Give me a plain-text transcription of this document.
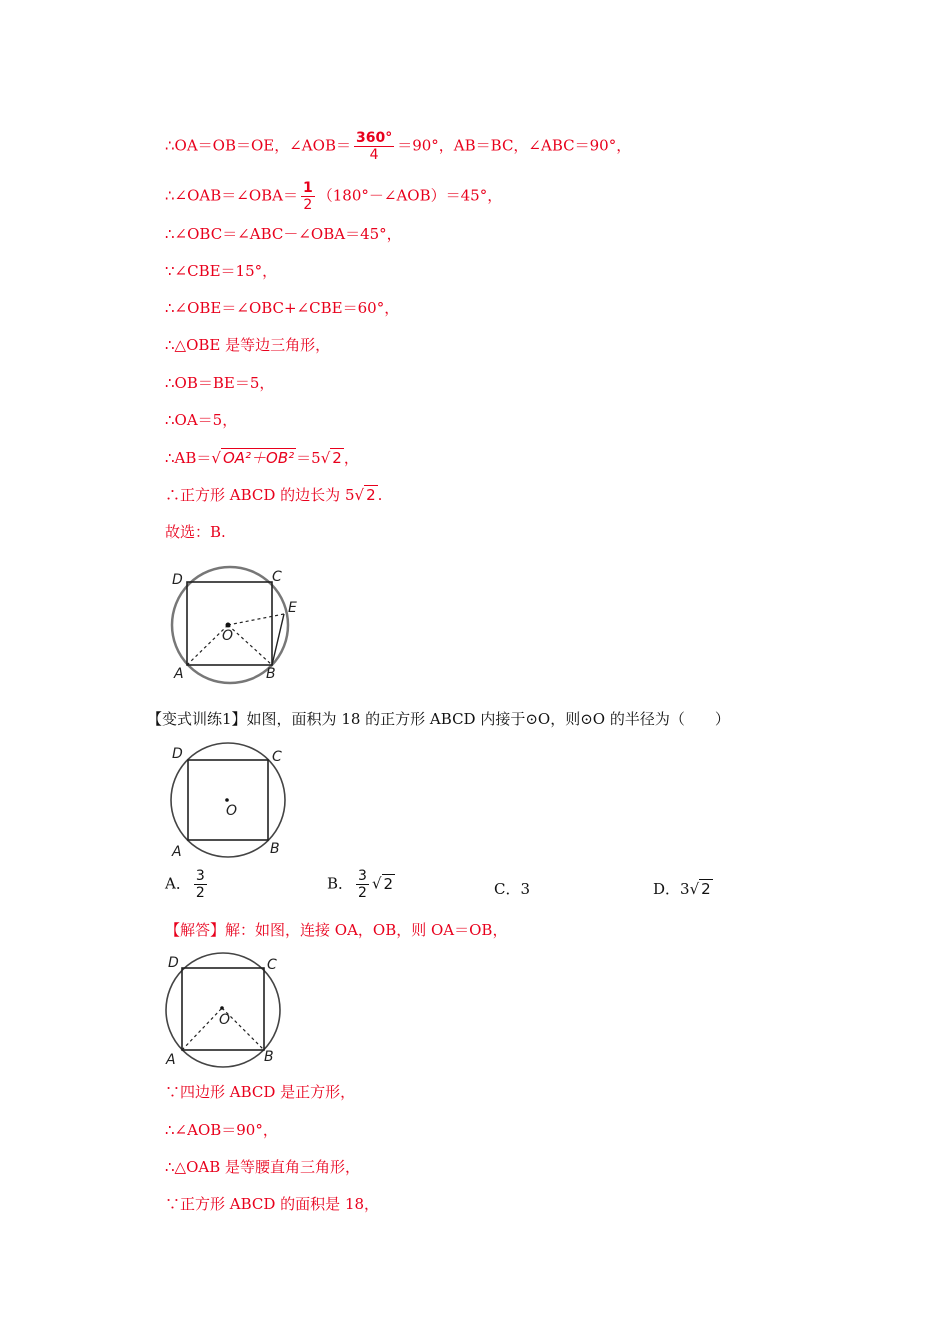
∴OA＝OB＝OE，∠AOB＝ $\frac{360^\circ}{4} =90^\circ$，AB＝BC，∠ABC＝90°，
∴∠OAB＝∠OBA＝ $\frac{1}{2}$ （180°－∠AOB）＝45°，
∴∠OBC＝∠ABC－∠OBA＝45°，
∵∠CBE＝15°，
∴∠OBE＝∠OBC+∠CBE＝60°，
∴△OBE 是等边三角形，
∴OB＝BE＝5，
∴OA＝5，
∴AB＝√ OA²＋OB² ＝5√ 2 ，
∴正方形 ABCD 的边长为 5√ 2 .
故选：B.
D	C
E
O
A	B
【变式训练1】如图，面积为 18 的正方形 ABCD 内接于⊙O，则⊙O 的半径为（　　）
D	C
O
A	B
A． $\frac{3}{2}$	B． $\frac{3}{2}$ √ 2	C．3	D．3√ 2
【解答】解：如图，连接 OA，OB，则 OA＝OB，
D	C
O
A	B
∵四边形 ABCD 是正方形，
∴∠AOB＝90°，
∴△OAB 是等腰直角三角形，
∵正方形 ABCD 的面积是 18，
